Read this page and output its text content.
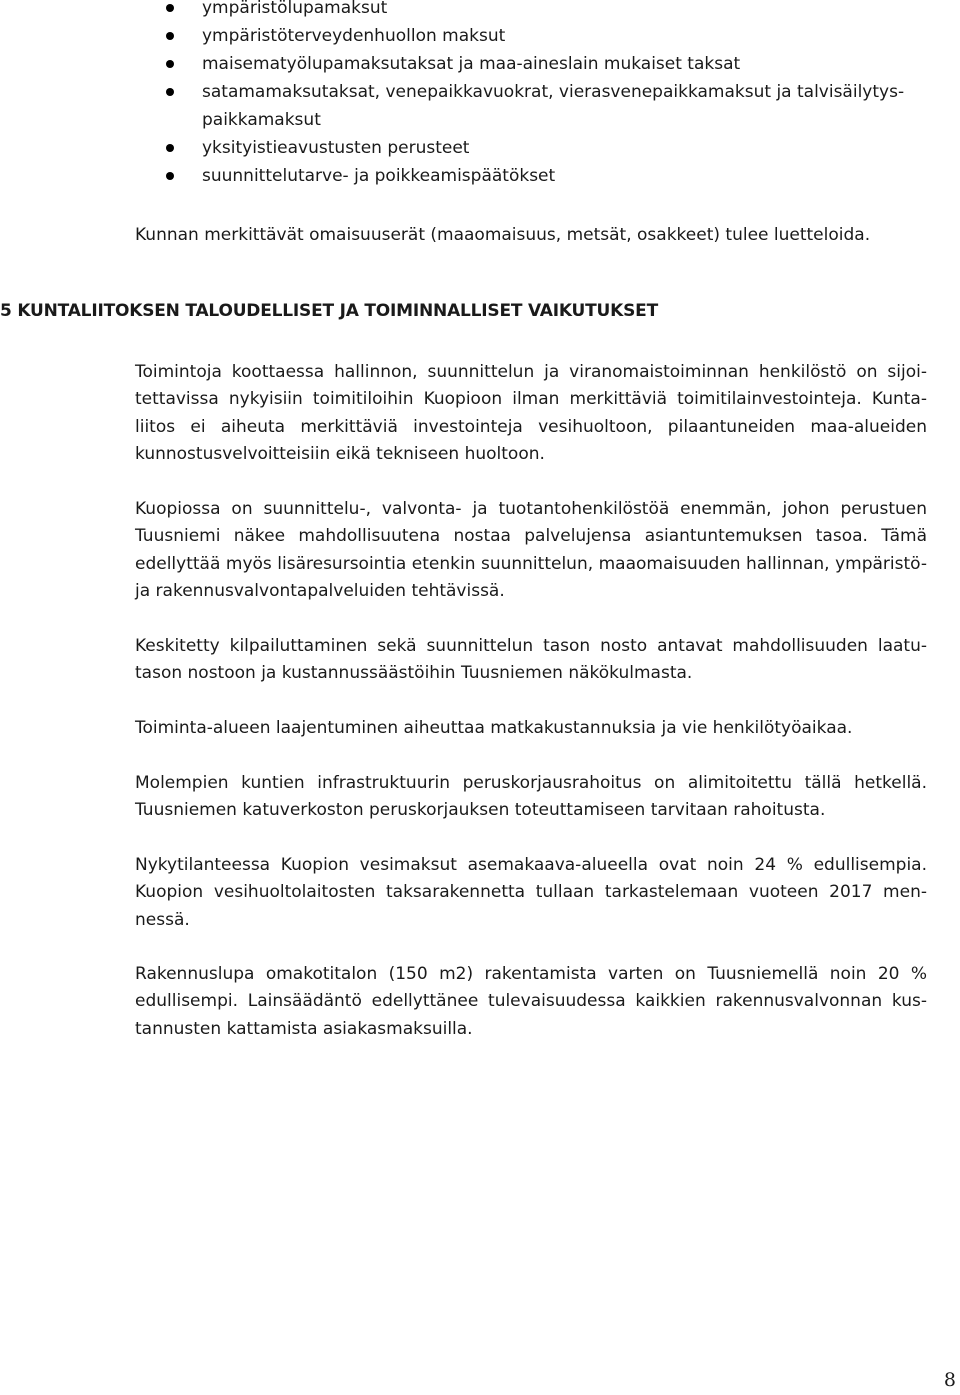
ympäristölupamaksut
ympäristöterveydenhuollon maksut
maisematyölupamaksutaksat ja maa-aineslain mukaiset taksat
satamamaksutaksat, venepaikkavuokrat, vierasvenepaikkamaksut ja talvisäilytyspaikkamaksut
yksityistieavustusten perusteet
suunnittelutarve- ja poikkeamispäätökset

Kunnan merkittävät omaisuuserät (maaomaisuus, metsät, osakkeet) tulee luetteloida.

5 KUNTALIITOKSEN TALOUDELLISET JA TOIMINNALLISET VAIKUTUKSET

Toimintoja koottaessa hallinnon, suunnittelun ja viranomaistoiminnan henkilöstö on sijoitettavissa nykyisiin toimitiloihin Kuopioon ilman merkittäviä toimitilainvestointeja. Kuntaliitos ei aiheuta merkittäviä investointeja vesihuoltoon, pilaantuneiden maa-alueiden kunnostusvelvoitteisiin eikä tekniseen huoltoon.

Kuopiossa on suunnittelu-, valvonta- ja tuotantohenkilöstöä enemmän, johon perustuen Tuusniemi näkee mahdollisuutena nostaa palvelujensa asiantuntemuksen tasoa. Tämä edellyttää myös lisäresursointia etenkin suunnittelun, maaomaisuuden hallinnan, ympäristö- ja rakennusvalvontapalveluiden tehtävissä.

Keskitetty kilpailuttaminen sekä suunnittelun tason nosto antavat mahdollisuuden laatutason nostoon ja kustannussäästöihin Tuusniemen näkökulmasta.

Toiminta-alueen laajentuminen aiheuttaa matkakustannuksia ja vie henkilötyöaikaa.

Molempien kuntien infrastruktuurin peruskorjausrahoitus on alimitoitettu tällä hetkellä. Tuusniemen katuverkoston peruskorjauksen toteuttamiseen tarvitaan rahoitusta.

Nykytilanteessa Kuopion vesimaksut asemakaava-alueella ovat noin 24 % edullisempia. Kuopion vesihuoltolaitosten taksarakennetta tullaan tarkastelemaan vuoteen 2017 mennessä.

Rakennuslupa omakotitalon (150 m2) rakentamista varten on Tuusniemellä noin 20 % edullisempi. Lainsäädäntö edellyttänee tulevaisuudessa kaikkien rakennusvalvonnan kustannusten kattamista asiakasmaksuilla.

8
